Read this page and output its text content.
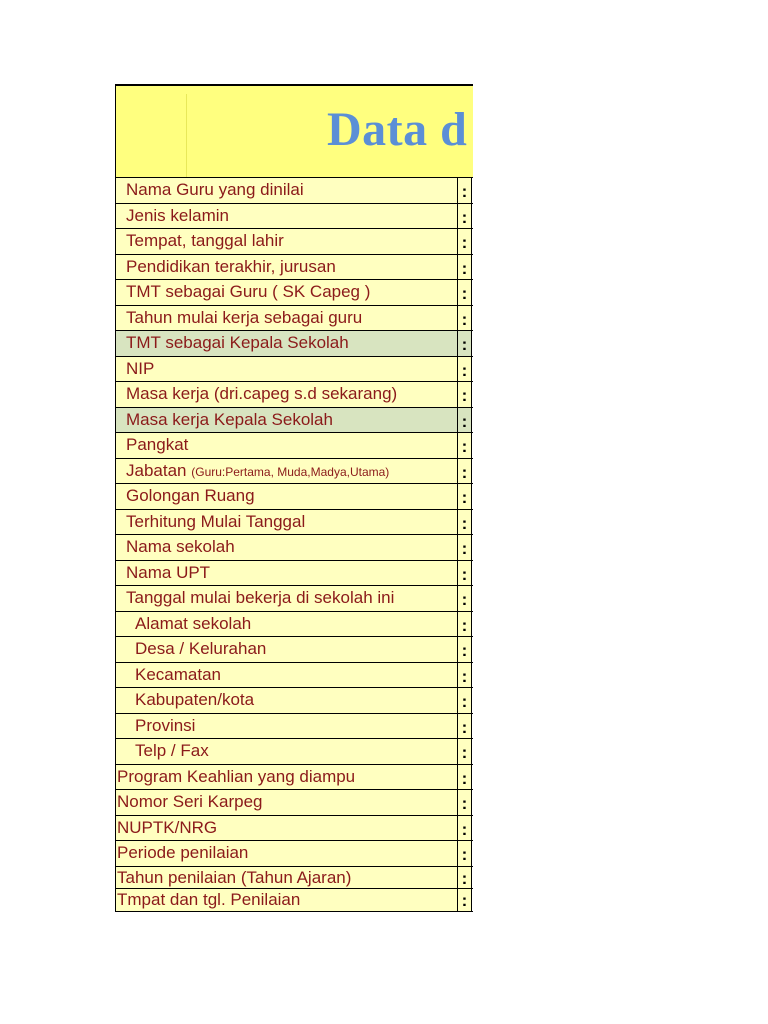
Data d
Nama Guru yang dinilai	:
Jenis kelamin	:
Tempat, tanggal lahir	:
Pendidikan terakhir, jurusan	:
TMT sebagai Guru ( SK Capeg )	:
Tahun mulai kerja sebagai guru	:
TMT sebagai Kepala Sekolah	:
NIP	:
Masa kerja (dri.capeg s.d sekarang)	:
Masa kerja Kepala Sekolah	:
Pangkat	:
Jabatan (Guru:Pertama, Muda,Madya,Utama)	:
Golongan Ruang	:
Terhitung Mulai Tanggal	:
Nama sekolah	:
Nama UPT	:
Tanggal mulai bekerja di sekolah ini	:
Alamat sekolah	:
Desa / Kelurahan	:
Kecamatan	:
Kabupaten/kota	:
Provinsi	:
Telp / Fax	:
Program Keahlian yang diampu	:
Nomor Seri Karpeg	:
NUPTK/NRG	:
Periode penilaian	:
Tahun penilaian (Tahun Ajaran)	:
Tmpat dan tgl. Penilaian	:
